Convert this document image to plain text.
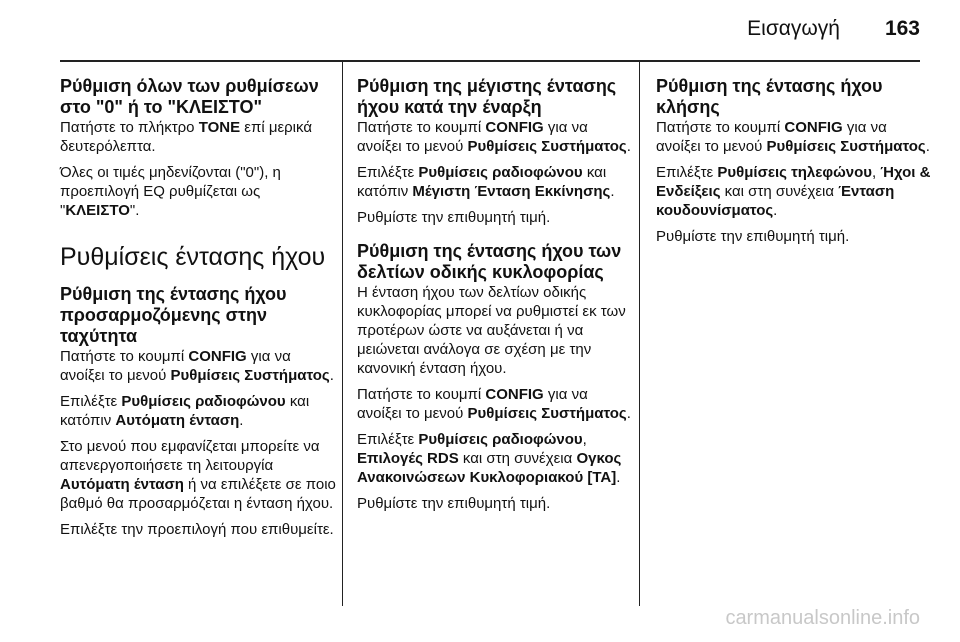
Εισαγωγή 163
Ρύθμιση όλων των ρυθμίσεων στο "0" ή το "ΚΛΕΙΣΤΟ"

Πατήστε το πλήκτρο TONE επί μερικά δευτερόλεπτα.

Όλες οι τιμές μηδενίζονται ("0"), η προεπιλογή EQ ρυθμίζεται ως "ΚΛΕΙΣΤΟ".

Ρυθμίσεις έντασης ήχου
Ρύθμιση της έντασης ήχου προσαρμοζόμενης στην ταχύτητα

Πατήστε το κουμπί CONFIG για να ανοίξει το μενού Ρυθμίσεις Συστήματος.

Επιλέξτε Ρυθμίσεις ραδιοφώνου και κατόπιν Αυτόματη ένταση.

Στο μενού που εμφανίζεται μπορείτε να απενεργοποιήσετε τη λειτουργία Αυτόματη ένταση ή να επιλέξετε σε ποιο βαθμό θα προσαρμόζεται η ένταση ήχου.

Επιλέξτε την προεπιλογή που επιθυμείτε.

Ρύθμιση της μέγιστης έντασης ήχου κατά την έναρξη

Πατήστε το κουμπί CONFIG για να ανοίξει το μενού Ρυθμίσεις Συστήματος.

Επιλέξτε Ρυθμίσεις ραδιοφώνου και κατόπιν Μέγιστη Ένταση Εκκίνησης.

Ρυθμίστε την επιθυμητή τιμή.

Ρύθμιση της έντασης ήχου των δελτίων οδικής κυκλοφορίας

Η ένταση ήχου των δελτίων οδικής κυκλοφορίας μπορεί να ρυθμιστεί εκ των προτέρων ώστε να αυξάνεται ή να μειώνεται ανάλογα σε σχέση με την κανονική ένταση ήχου.

Πατήστε το κουμπί CONFIG για να ανοίξει το μενού Ρυθμίσεις Συστήματος.

Επιλέξτε Ρυθμίσεις ραδιοφώνου, Επιλογές RDS και στη συνέχεια Ογκος Ανακοινώσεων Κυκλοφοριακού [TA].

Ρυθμίστε την επιθυμητή τιμή.

Ρύθμιση της έντασης ήχου κλήσης

Πατήστε το κουμπί CONFIG για να ανοίξει το μενού Ρυθμίσεις Συστήματος.

Επιλέξτε Ρυθμίσεις τηλεφώνου, Ήχοι & Ενδείξεις και στη συνέχεια Ένταση κουδουνίσματος.

Ρυθμίστε την επιθυμητή τιμή.

carmanualsonline.info
